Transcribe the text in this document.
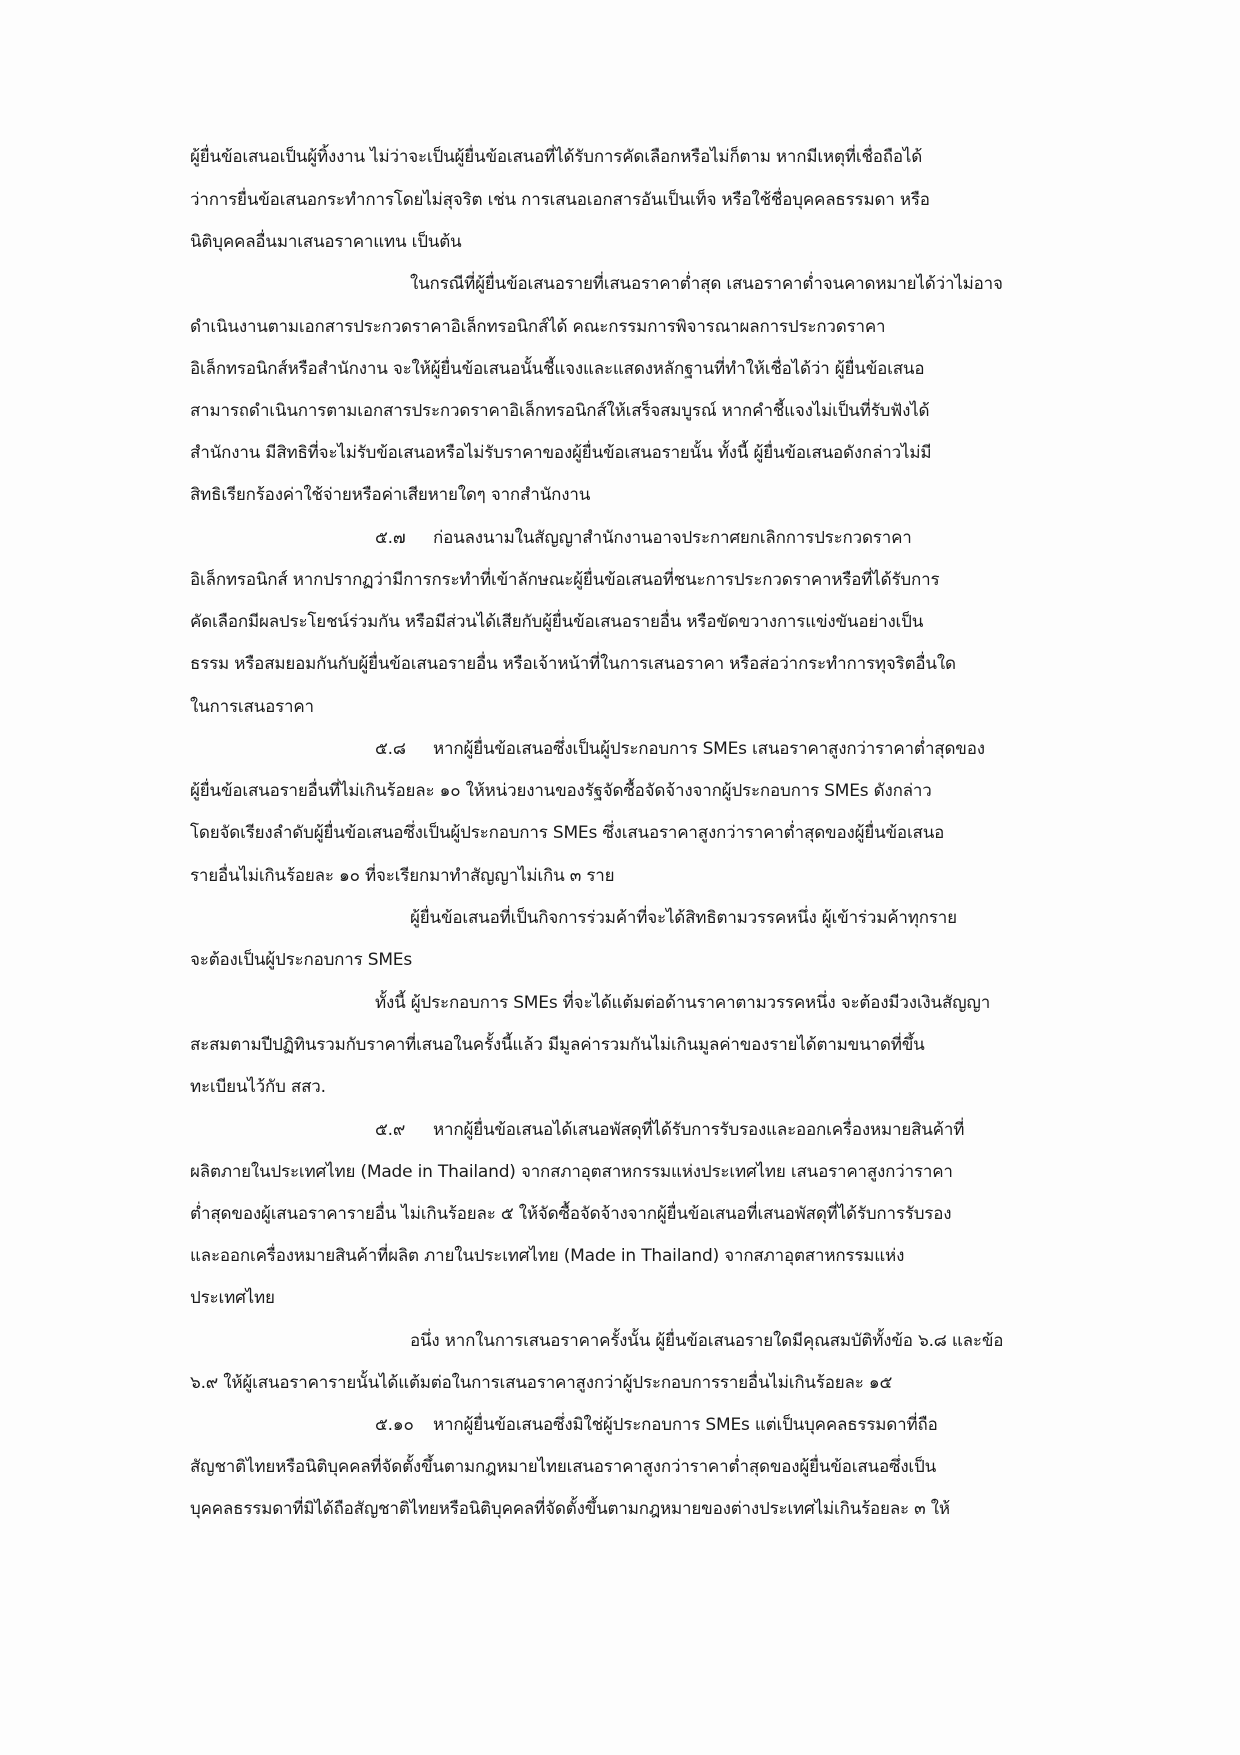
ผู้ยื่นข้อเสนอเป็นผู้ทิ้งงาน ไม่ว่าจะเป็นผู้ยื่นข้อเสนอที่ได้รับการคัดเลือกหรือไม่ก็ตาม หากมีเหตุที่เชื่อถือได้
ว่าการยื่นข้อเสนอกระทำการโดยไม่สุจริต เช่น การเสนอเอกสารอันเป็นเท็จ หรือใช้ชื่อบุคคลธรรมดา หรือ
นิติบุคคลอื่นมาเสนอราคาแทน เป็นต้น
ในกรณีที่ผู้ยื่นข้อเสนอรายที่เสนอราคาต่ำสุด เสนอราคาต่ำจนคาดหมายได้ว่าไม่อาจ
ดำเนินงานตามเอกสารประกวดราคาอิเล็กทรอนิกส์ได้ คณะกรรมการพิจารณาผลการประกวดราคา
อิเล็กทรอนิกส์หรือสำนักงาน จะให้ผู้ยื่นข้อเสนอนั้นชี้แจงและแสดงหลักฐานที่ทำให้เชื่อได้ว่า ผู้ยื่นข้อเสนอ
สามารถดำเนินการตามเอกสารประกวดราคาอิเล็กทรอนิกส์ให้เสร็จสมบูรณ์ หากคำชี้แจงไม่เป็นที่รับฟังได้
สำนักงาน มีสิทธิที่จะไม่รับข้อเสนอหรือไม่รับราคาของผู้ยื่นข้อเสนอรายนั้น ทั้งนี้ ผู้ยื่นข้อเสนอดังกล่าวไม่มี
สิทธิเรียกร้องค่าใช้จ่ายหรือค่าเสียหายใดๆ จากสำนักงาน
๕.๗ ก่อนลงนามในสัญญาสำนักงานอาจประกาศยกเลิกการประกวดราคา
อิเล็กทรอนิกส์ หากปรากฏว่ามีการกระทำที่เข้าลักษณะผู้ยื่นข้อเสนอที่ชนะการประกวดราคาหรือที่ได้รับการ
คัดเลือกมีผลประโยชน์ร่วมกัน หรือมีส่วนได้เสียกับผู้ยื่นข้อเสนอรายอื่น หรือขัดขวางการแข่งขันอย่างเป็น
ธรรม หรือสมยอมกันกับผู้ยื่นข้อเสนอรายอื่น หรือเจ้าหน้าที่ในการเสนอราคา หรือส่อว่ากระทำการทุจริตอื่นใด
ในการเสนอราคา
๕.๘ หากผู้ยื่นข้อเสนอซึ่งเป็นผู้ประกอบการ SMEs เสนอราคาสูงกว่าราคาต่ำสุดของ
ผู้ยื่นข้อเสนอรายอื่นที่ไม่เกินร้อยละ ๑๐ ให้หน่วยงานของรัฐจัดซื้อจัดจ้างจากผู้ประกอบการ SMEs ดังกล่าว
โดยจัดเรียงลำดับผู้ยื่นข้อเสนอซึ่งเป็นผู้ประกอบการ SMEs ซึ่งเสนอราคาสูงกว่าราคาต่ำสุดของผู้ยื่นข้อเสนอ
รายอื่นไม่เกินร้อยละ ๑๐ ที่จะเรียกมาทำสัญญาไม่เกิน ๓ ราย
ผู้ยื่นข้อเสนอที่เป็นกิจการร่วมค้าที่จะได้สิทธิตามวรรคหนึ่ง ผู้เข้าร่วมค้าทุกราย
จะต้องเป็นผู้ประกอบการ SMEs
ทั้งนี้ ผู้ประกอบการ SMEs ที่จะได้แต้มต่อด้านราคาตามวรรคหนึ่ง จะต้องมีวงเงินสัญญา
สะสมตามปีปฏิทินรวมกับราคาที่เสนอในครั้งนี้แล้ว มีมูลค่ารวมกันไม่เกินมูลค่าของรายได้ตามขนาดที่ขึ้น
ทะเบียนไว้กับ สสว.
๕.๙ หากผู้ยื่นข้อเสนอได้เสนอพัสดุที่ได้รับการรับรองและออกเครื่องหมายสินค้าที่
ผลิตภายในประเทศไทย (Made in Thailand) จากสภาอุตสาหกรรมแห่งประเทศไทย เสนอราคาสูงกว่าราคา
ต่ำสุดของผู้เสนอราคารายอื่น ไม่เกินร้อยละ ๕ ให้จัดซื้อจัดจ้างจากผู้ยื่นข้อเสนอที่เสนอพัสดุที่ได้รับการรับรอง
และออกเครื่องหมายสินค้าที่ผลิต ภายในประเทศไทย (Made in Thailand) จากสภาอุตสาหกรรมแห่ง
ประเทศไทย
อนึ่ง หากในการเสนอราคาครั้งนั้น ผู้ยื่นข้อเสนอรายใดมีคุณสมบัติทั้งข้อ ๖.๘ และข้อ
๖.๙ ให้ผู้เสนอราคารายนั้นได้แต้มต่อในการเสนอราคาสูงกว่าผู้ประกอบการรายอื่นไม่เกินร้อยละ ๑๕
๕.๑๐ หากผู้ยื่นข้อเสนอซึ่งมิใช่ผู้ประกอบการ SMEs แต่เป็นบุคคลธรรมดาที่ถือ
สัญชาติไทยหรือนิติบุคคลที่จัดตั้งขึ้นตามกฎหมายไทยเสนอราคาสูงกว่าราคาต่ำสุดของผู้ยื่นข้อเสนอซึ่งเป็น
บุคคลธรรมดาที่มิได้ถือสัญชาติไทยหรือนิติบุคคลที่จัดตั้งขึ้นตามกฎหมายของต่างประเทศไม่เกินร้อยละ ๓ ให้
